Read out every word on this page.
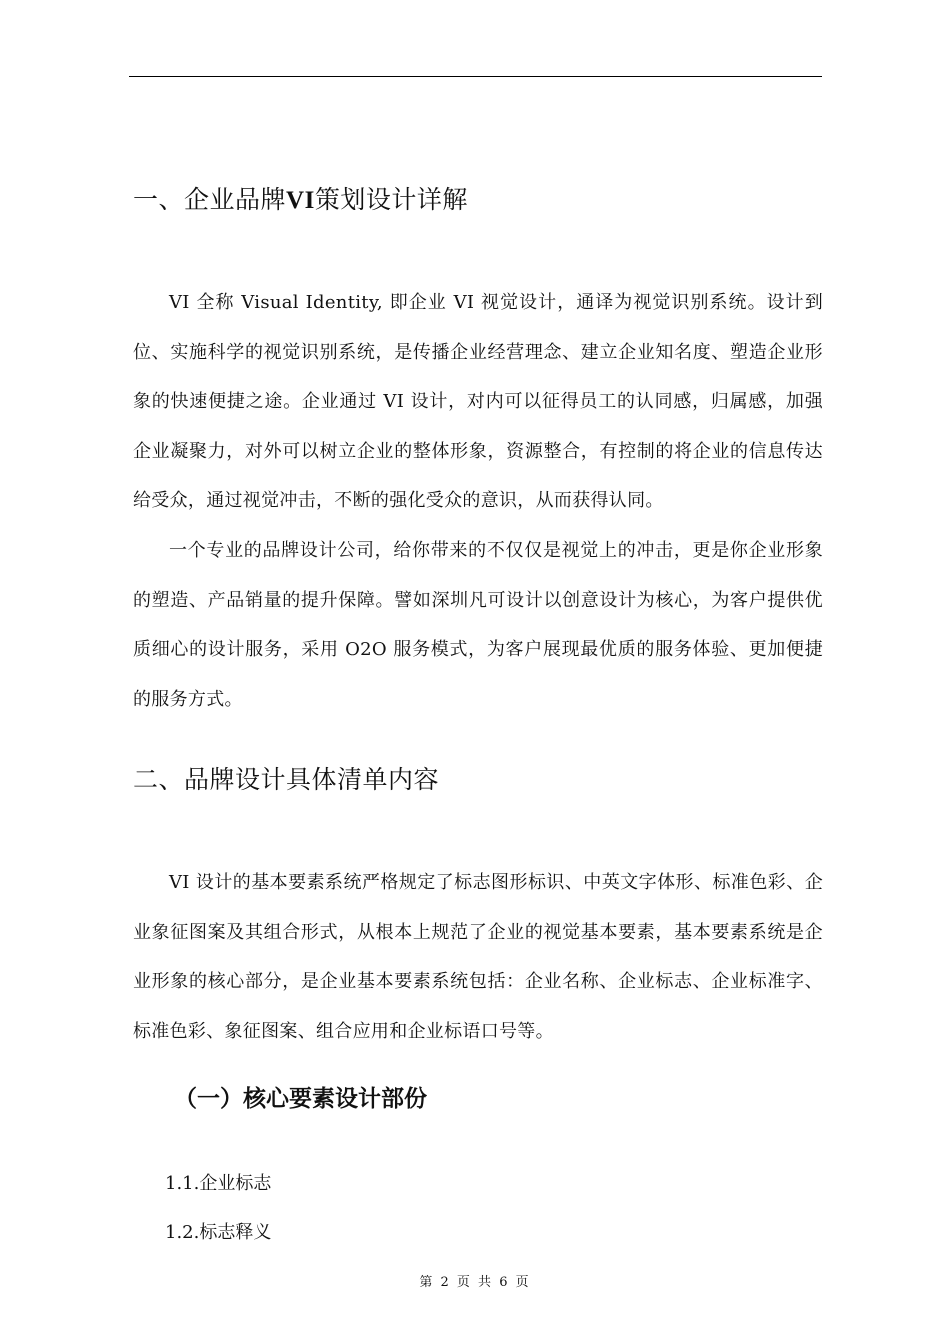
一、企业品牌VI策划设计详解

VI 全称 Visual Identity, 即企业 VI 视觉设计，通译为视觉识别系统。设计到位、实施科学的视觉识别系统，是传播企业经营理念、建立企业知名度、塑造企业形象的快速便捷之途。企业通过 VI 设计，对内可以征得员工的认同感，归属感，加强企业凝聚力，对外可以树立企业的整体形象，资源整合，有控制的将企业的信息传达给受众，通过视觉冲击，不断的强化受众的意识，从而获得认同。

一个专业的品牌设计公司，给你带来的不仅仅是视觉上的冲击，更是你企业形象的塑造、产品销量的提升保障。譬如深圳凡可设计以创意设计为核心，为客户提供优质细心的设计服务，采用 O2O 服务模式，为客户展现最优质的服务体验、更加便捷的服务方式。

二、品牌设计具体清单内容

VI 设计的基本要素系统严格规定了标志图形标识、中英文字体形、标准色彩、企业象征图案及其组合形式，从根本上规范了企业的视觉基本要素，基本要素系统是企业形象的核心部分，是企业基本要素系统包括：企业名称、企业标志、企业标准字、标准色彩、象征图案、组合应用和企业标语口号等。

（一）核心要素设计部份
1.1.企业标志
1.2.标志释义
第 2 页 共 6 页
